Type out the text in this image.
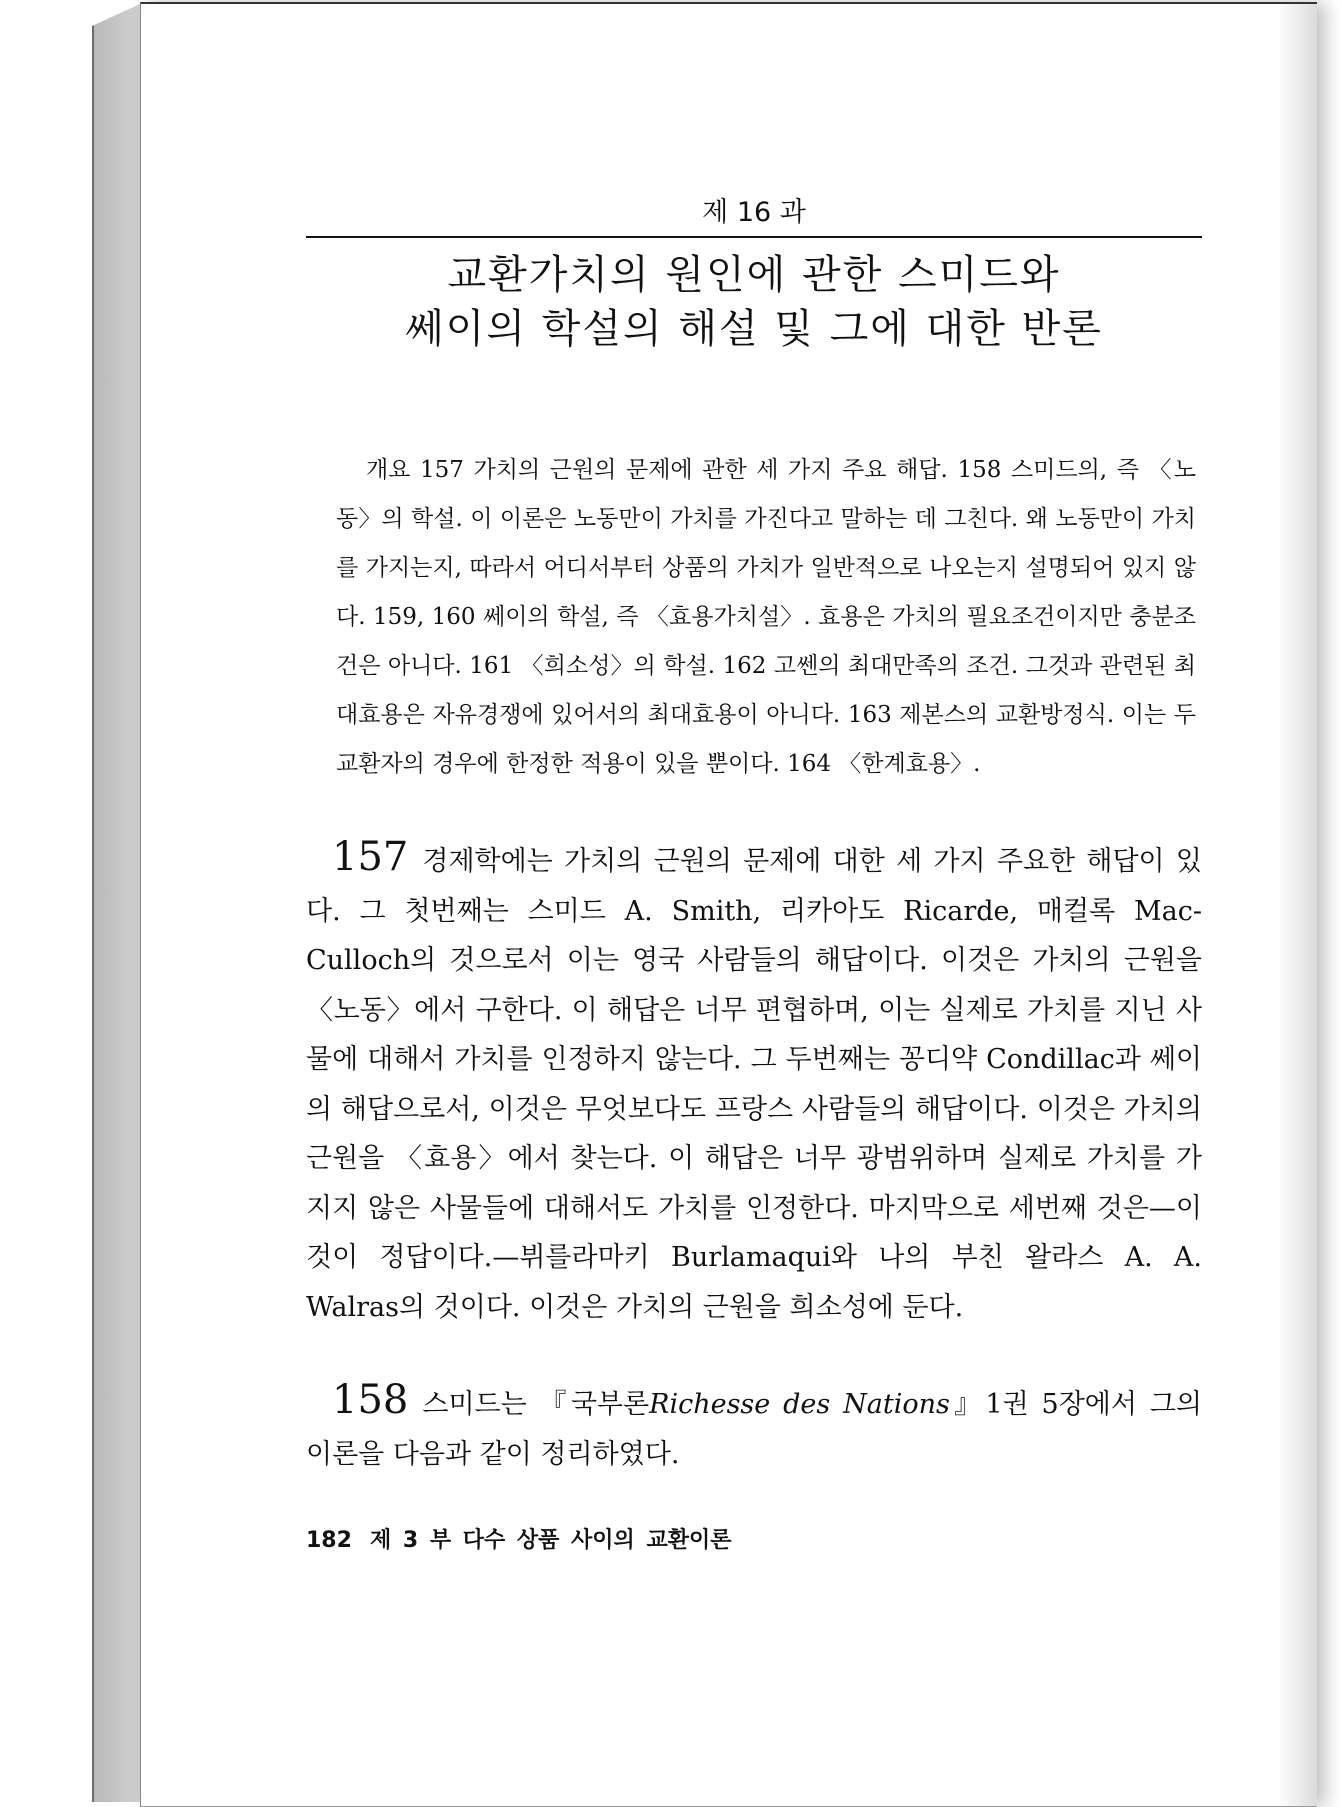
제 16 과
교환가치의 원인에 관한 스미드와
쎄이의 학설의 해설 및 그에 대한 반론
개요 157 가치의 근원의 문제에 관한 세 가지 주요 해답. 158 스미드의, 즉 〈노동〉의 학설. 이 이론은 노동만이 가치를 가진다고 말하는 데 그친다. 왜 노동만이 가치를 가지는지, 따라서 어디서부터 상품의 가치가 일반적으로 나오는지 설명되어 있지 않다. 159, 160 쎄이의 학설, 즉 〈효용가치설〉. 효용은 가치의 필요조건이지만 충분조건은 아니다. 161 〈희소성〉의 학설. 162 고쎈의 최대만족의 조건. 그것과 관련된 최대효용은 자유경쟁에 있어서의 최대효용이 아니다. 163 제본스의 교환방정식. 이는 두 교환자의 경우에 한정한 적용이 있을 뿐이다. 164 〈한계효용〉.
157 경제학에는 가치의 근원의 문제에 대한 세 가지 주요한 해답이 있다. 그 첫번째는 스미드 A. Smith, 리카아도 Ricarde, 매컬록 Mac-Culloch의 것으로서 이는 영국 사람들의 해답이다. 이것은 가치의 근원을 〈노동〉에서 구한다. 이 해답은 너무 편협하며, 이는 실제로 가치를 지닌 사물에 대해서 가치를 인정하지 않는다. 그 두번째는 꽁디약 Condillac과 쎄이의 해답으로서, 이것은 무엇보다도 프랑스 사람들의 해답이다. 이것은 가치의 근원을 〈효용〉에서 찾는다. 이 해답은 너무 광범위하며 실제로 가치를 가지지 않은 사물들에 대해서도 가치를 인정한다. 마지막으로 세번째 것은—이것이 정답이다.—뷔를라마키 Burlamaqui와 나의 부친 왈라스 A. A. Walras의 것이다. 이것은 가치의 근원을 희소성에 둔다.
158 스미드는 『국부론Richesse des Nations』1권 5장에서 그의 이론을 다음과 같이 정리하였다.
182 제 3 부 다수 상품 사이의 교환이론
